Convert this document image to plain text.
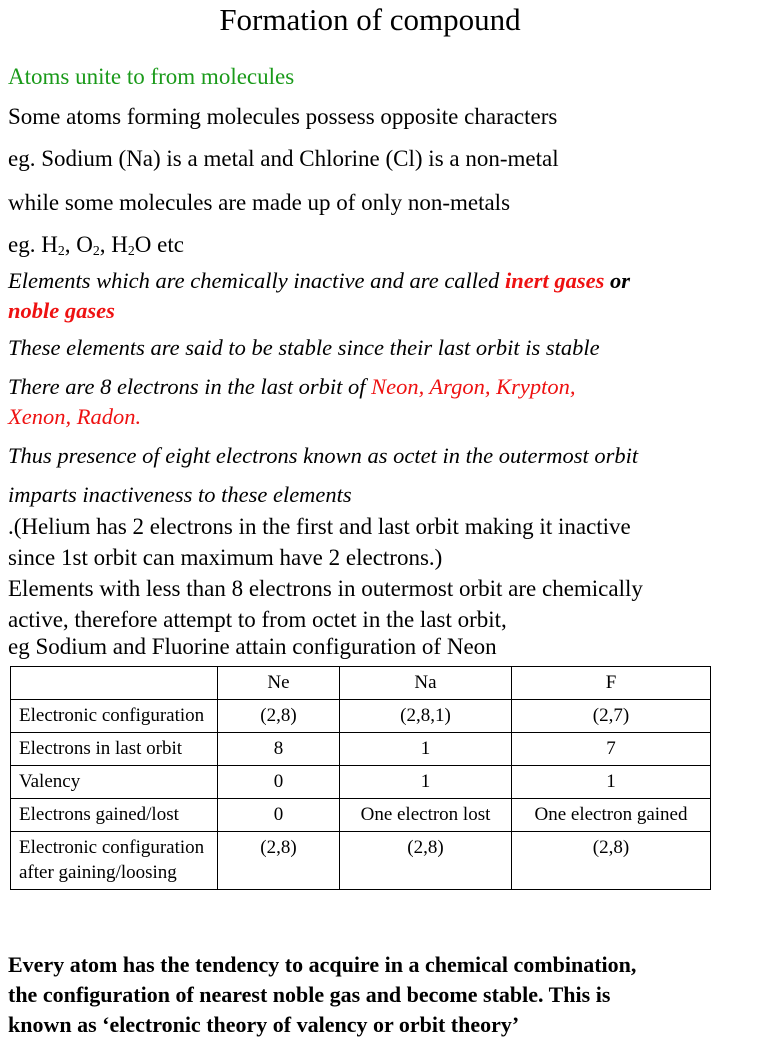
Formation of compound
Atoms unite to from molecules
Some atoms forming molecules possess opposite characters
eg. Sodium (Na) is a metal and Chlorine (Cl) is a non-metal
while some molecules are made up of only non-metals
eg. $H_2$, $O_2$, $H_2O$ etc
Elements which are chemically inactive and are called inert gases or
noble gases
These elements are said to be stable since their last orbit is stable
There are 8 electrons in the last orbit of Neon, Argon, Krypton,
Xenon, Radon.
Thus presence of eight electrons known as octet in the outermost orbit
imparts inactiveness to these elements
.(Helium has 2 electrons in the first and last orbit making it inactive
since 1st orbit can maximum have 2 electrons.)
Elements with less than 8 electrons in outermost orbit are chemically
active, therefore attempt to from octet in the last orbit,
eg Sodium and Fluorine attain configuration of Neon
	Ne	Na	F
Electronic configuration	(2,8)	(2,8,1)	(2,7)
Electrons in last orbit	8	1	7
Valency	0	1	1
Electrons gained/lost	0	One electron lost	One electron gained
Electronic configuration after gaining/loosing	(2,8)	(2,8)	(2,8)
Every atom has the tendency to acquire in a chemical combination,
the configuration of nearest noble gas and become stable. This is
known as ‘electronic theory of valency or orbit theory’
